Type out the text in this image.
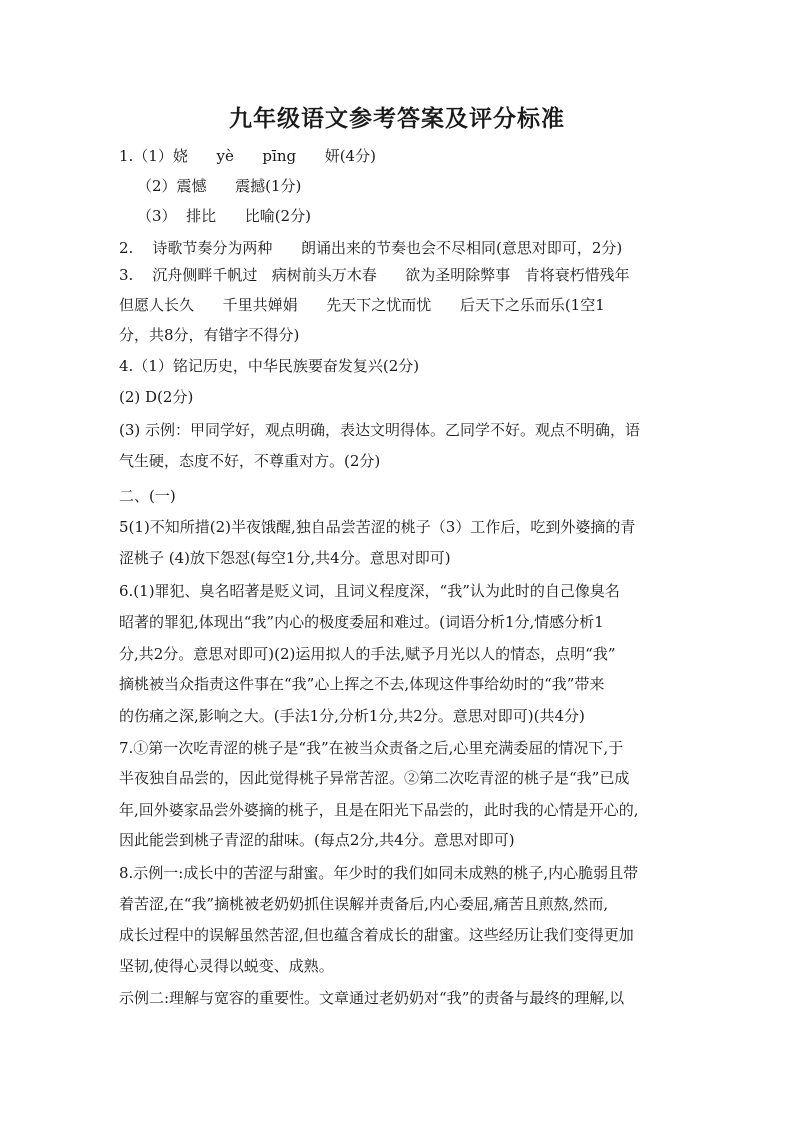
九年级语文参考答案及评分标准
1.（1）娆      yè      pīng      妍(4分)
（2）震憾      震撼(1分)
（3）  排比      比喻(2分)
2.    诗歌节奏分为两种      朗诵出来的节奏也会不尽相同(意思对即可，2分)
3.    沉舟侧畔千帆过   病树前头万木春      欲为圣明除弊事   肯将衰朽惜残年
但愿人长久      千里共婵娟      先天下之忧而忧      后天下之乐而乐(1空1
分，共8分，有错字不得分)
4.（1）铭记历史，中华民族要奋发复兴(2分)
(2) D(2分)
(3) 示例：甲同学好，观点明确，表达文明得体。乙同学不好。观点不明确，语
气生硬，态度不好，不尊重对方。(2分)
二、(一)
5(1)不知所措(2)半夜饿醒,独自品尝苦涩的桃子（3）工作后，吃到外婆摘的青
涩桃子 (4)放下怨怼(每空1分,共4分。意思对即可)
6.(1)罪犯、臭名昭著是贬义词，且词义程度深，“我”认为此时的自己像臭名
昭著的罪犯,体现出“我”内心的极度委屈和难过。(词语分析1分,情感分析1
分,共2分。意思对即可)(2)运用拟人的手法,赋予月光以人的情态，点明“我”
摘桃被当众指责这件事在“我”心上挥之不去,体现这件事给幼时的“我”带来
的伤痛之深,影响之大。(手法1分,分析1分,共2分。意思对即可)(共4分)
7.①第一次吃青涩的桃子是“我”在被当众责备之后,心里充满委屈的情况下,于
半夜独自品尝的，因此觉得桃子异常苦涩。②第二次吃青涩的桃子是“我”已成
年,回外婆家品尝外婆摘的桃子，且是在阳光下品尝的，此时我的心情是开心的,
因此能尝到桃子青涩的甜味。(每点2分,共4分。意思对即可)
8.示例一:成长中的苦涩与甜蜜。年少时的我们如同未成熟的桃子,内心脆弱且带
着苦涩,在“我”摘桃被老奶奶抓住误解并责备后,内心委屈,痛苦且煎熬,然而,
成长过程中的误解虽然苦涩,但也蕴含着成长的甜蜜。这些经历让我们变得更加
坚韧,使得心灵得以蜕变、成熟。
示例二:理解与宽容的重要性。文章通过老奶奶对“我”的责备与最终的理解,以
